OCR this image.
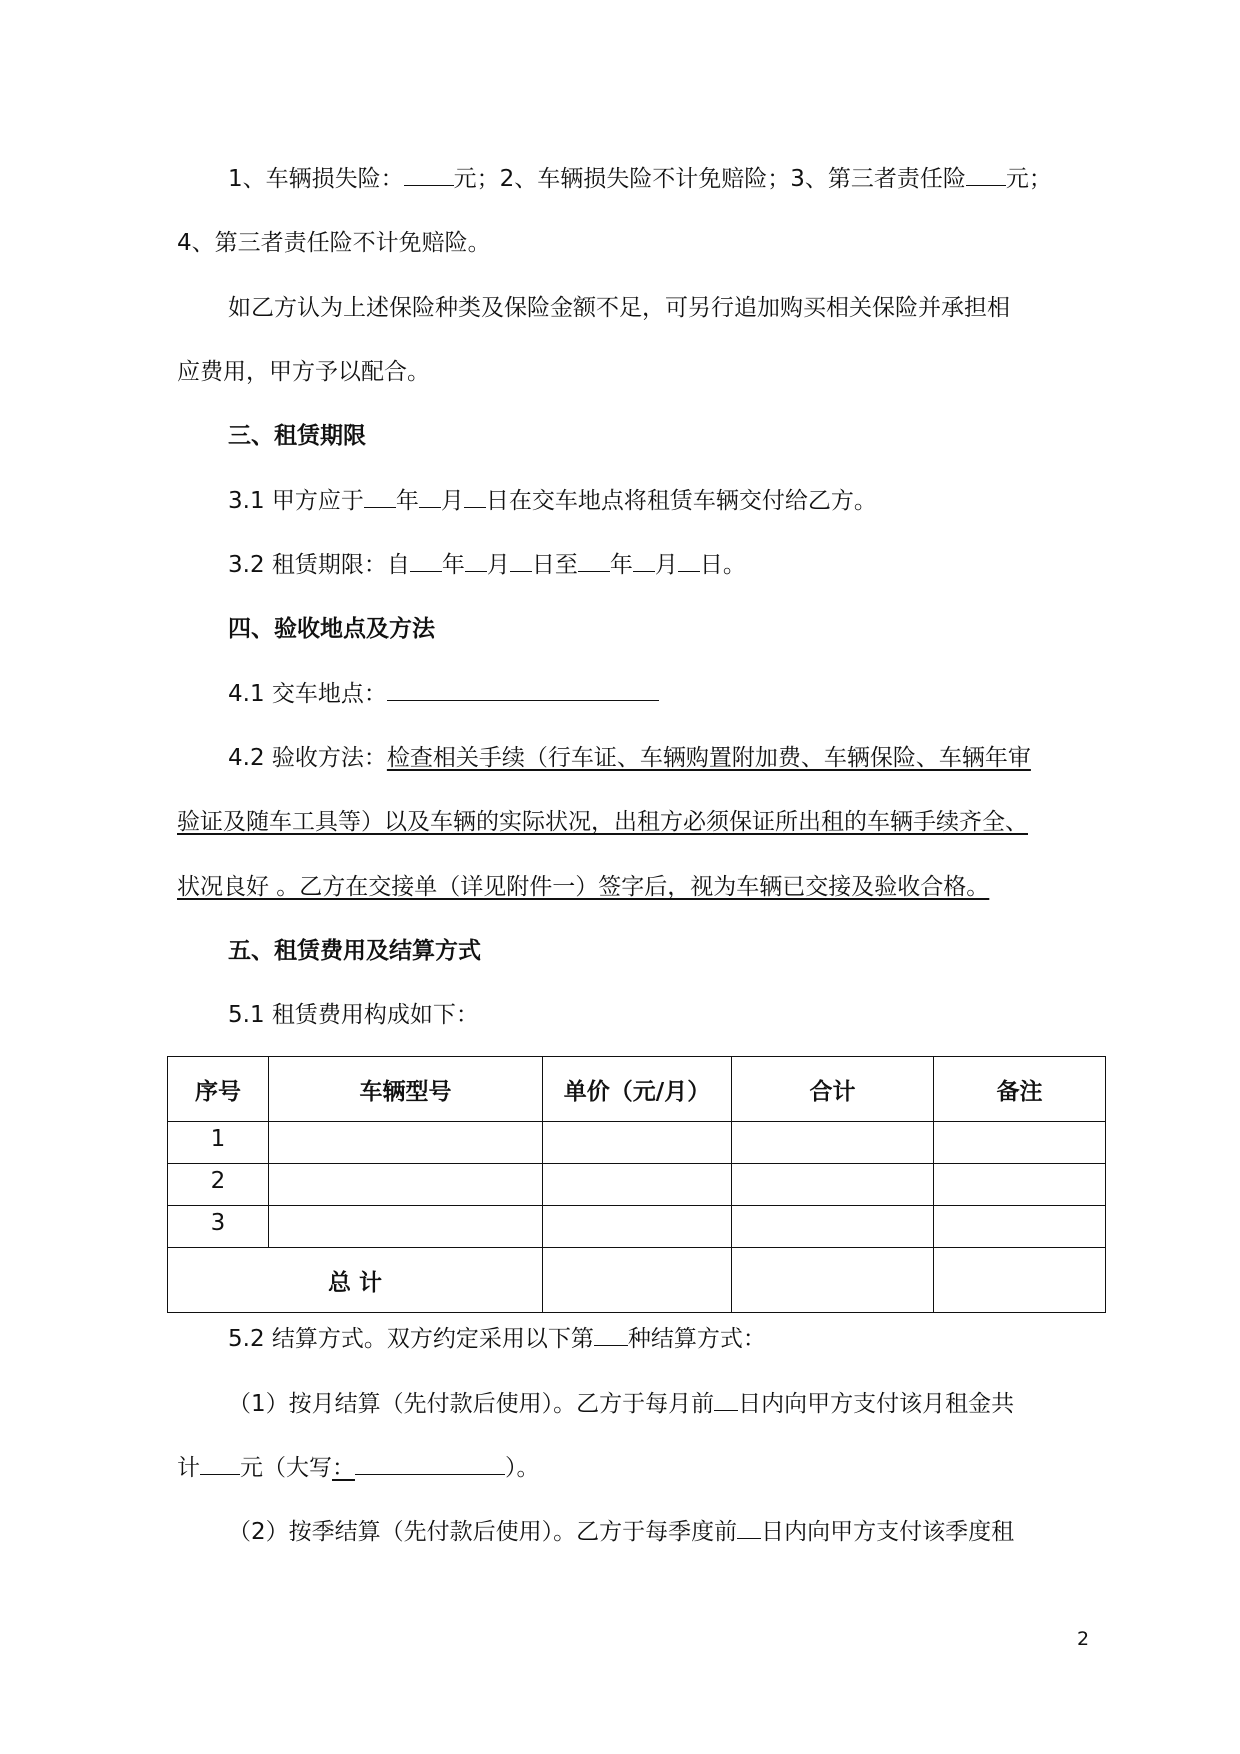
1、车辆损失险： 元；2、车辆损失险不计免赔险；3、第三者责任险 元；
4、第三者责任险不计免赔险。
如乙方认为上述保险种类及保险金额不足，可另行追加购买相关保险并承担相
应费用，甲方予以配合。
三、租赁期限
3.1 甲方应于 年 月 日在交车地点将租赁车辆交付给乙方。
3.2 租赁期限：自 年 月 日至 年 月 日。
四、验收地点及方法
4.1 交车地点：
4.2 验收方法：检查相关手续（行车证、车辆购置附加费、车辆保险、车辆年审
验证及随车工具等）以及车辆的实际状况，出租方必须保证所出租的车辆手续齐全、
状况良好 。乙方在交接单（详见附件一）签字后，视为车辆已交接及验收合格。
五、租赁费用及结算方式
5.1 租赁费用构成如下：
序号	车辆型号	单价（元/月）	合计	备注
1				
2				
3				
总 计				
5.2 结算方式。双方约定采用以下第 种结算方式：
（1）按月结算（先付款后使用）。乙方于每月前 日内向甲方支付该月租金共
计 元（大写：	）。
（2）按季结算（先付款后使用）。乙方于每季度前 日内向甲方支付该季度租
2
